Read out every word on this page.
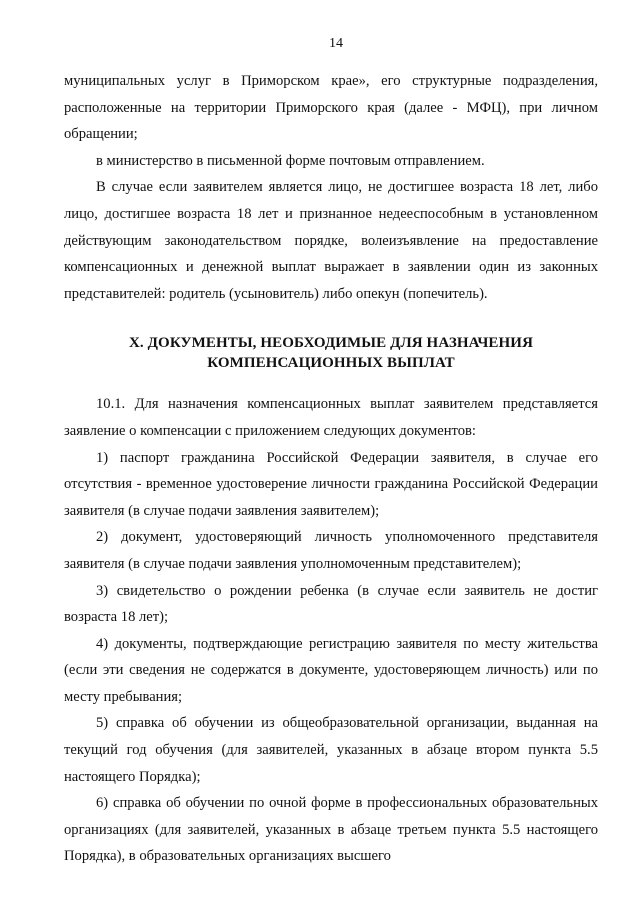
14

муниципальных услуг в Приморском крае», его структурные подразделения, расположенные на территории Приморского края (далее - МФЦ), при личном обращении;

в министерство в письменной форме почтовым отправлением.

В случае если заявителем является лицо, не достигшее возраста 18 лет, либо лицо, достигшее возраста 18 лет и признанное недееспособным в установленном действующим законодательством порядке, волеизъявление на предоставление компенсационных и денежной выплат выражает в заявлении один из законных представителей: родитель (усыновитель) либо опекун (попечитель).

X. ДОКУМЕНТЫ, НЕОБХОДИМЫЕ ДЛЯ НАЗНАЧЕНИЯ
КОМПЕНСАЦИОННЫХ ВЫПЛАТ

10.1. Для назначения компенсационных выплат заявителем представляется заявление о компенсации с приложением следующих документов:

1) паспорт гражданина Российской Федерации заявителя, в случае его отсутствия - временное удостоверение личности гражданина Российской Федерации заявителя (в случае подачи заявления заявителем);

2) документ, удостоверяющий личность уполномоченного представителя заявителя (в случае подачи заявления уполномоченным представителем);

3) свидетельство о рождении ребенка (в случае если заявитель не достиг возраста 18 лет);

4) документы, подтверждающие регистрацию заявителя по месту жительства (если эти сведения не содержатся в документе, удостоверяющем личность) или по месту пребывания;

5) справка об обучении из общеобразовательной организации, выданная на текущий год обучения (для заявителей, указанных в абзаце втором пункта 5.5 настоящего Порядка);

6) справка об обучении по очной форме в профессиональных образовательных организациях (для заявителей, указанных в абзаце третьем пункта 5.5 настоящего Порядка), в образовательных организациях высшего
